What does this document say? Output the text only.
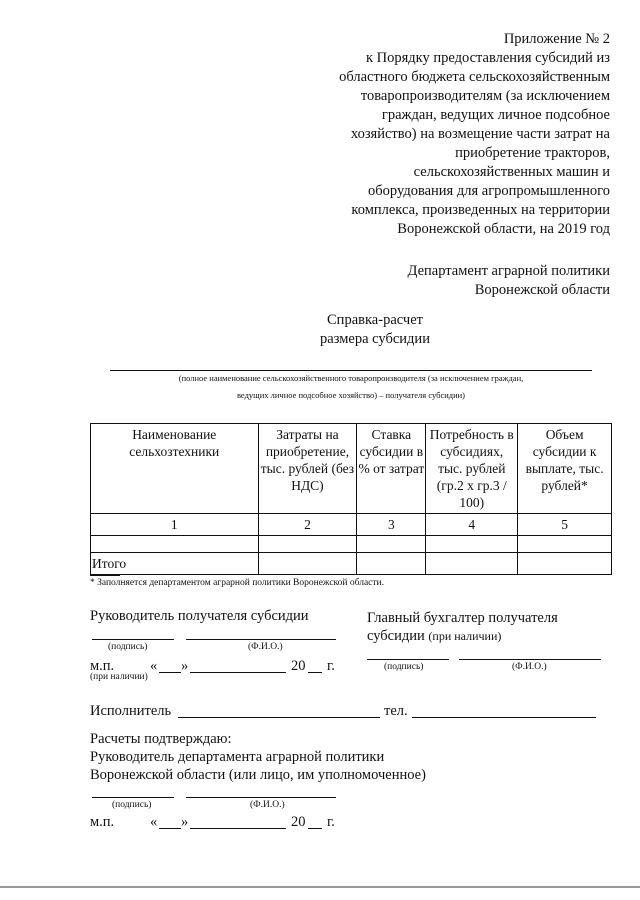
Приложение № 2
к Порядку предоставления субсидий из
областного бюджета сельскохозяйственным
товаропроизводителям (за исключением
граждан, ведущих личное подсобное
хозяйство) на возмещение части затрат на
приобретение тракторов,
сельскохозяйственных машин и
оборудования для агропромышленного
комплекса, произведенных на территории
Воронежской области, на 2019 год
Департамент аграрной политики
Воронежской области
Справка-расчет
размера субсидии
(полное наименование сельскохозяйственного товаропроизводителя (за исключением граждан,
ведущих личное подсобное хозяйство) – получателя субсидии)
Наименование сельхозтехники	Затраты на приобретение, тыс. рублей (без НДС)	Ставка субсидии в % от затрат	Потребность в субсидиях, тыс. рублей (гр.2 х гр.3 / 100)	Объем субсидии к выплате, тыс. рублей*
1	2	3	4	5

Итого				
* Заполняется департаментом аграрной политики Воронежской области.
Руководитель получателя субсидии
(подпись)	(Ф.И.О.)
м.п. « »	20 г.
(при наличии)
Главный бухгалтер получателя
субсидии (при наличии)
(подпись)	(Ф.И.О.)
Исполнитель	тел.
Расчеты подтверждаю:
Руководитель департамента аграрной политики
Воронежской области (или лицо, им уполномоченное)
(подпись)	(Ф.И.О.)
м.п. « »	20 г.
